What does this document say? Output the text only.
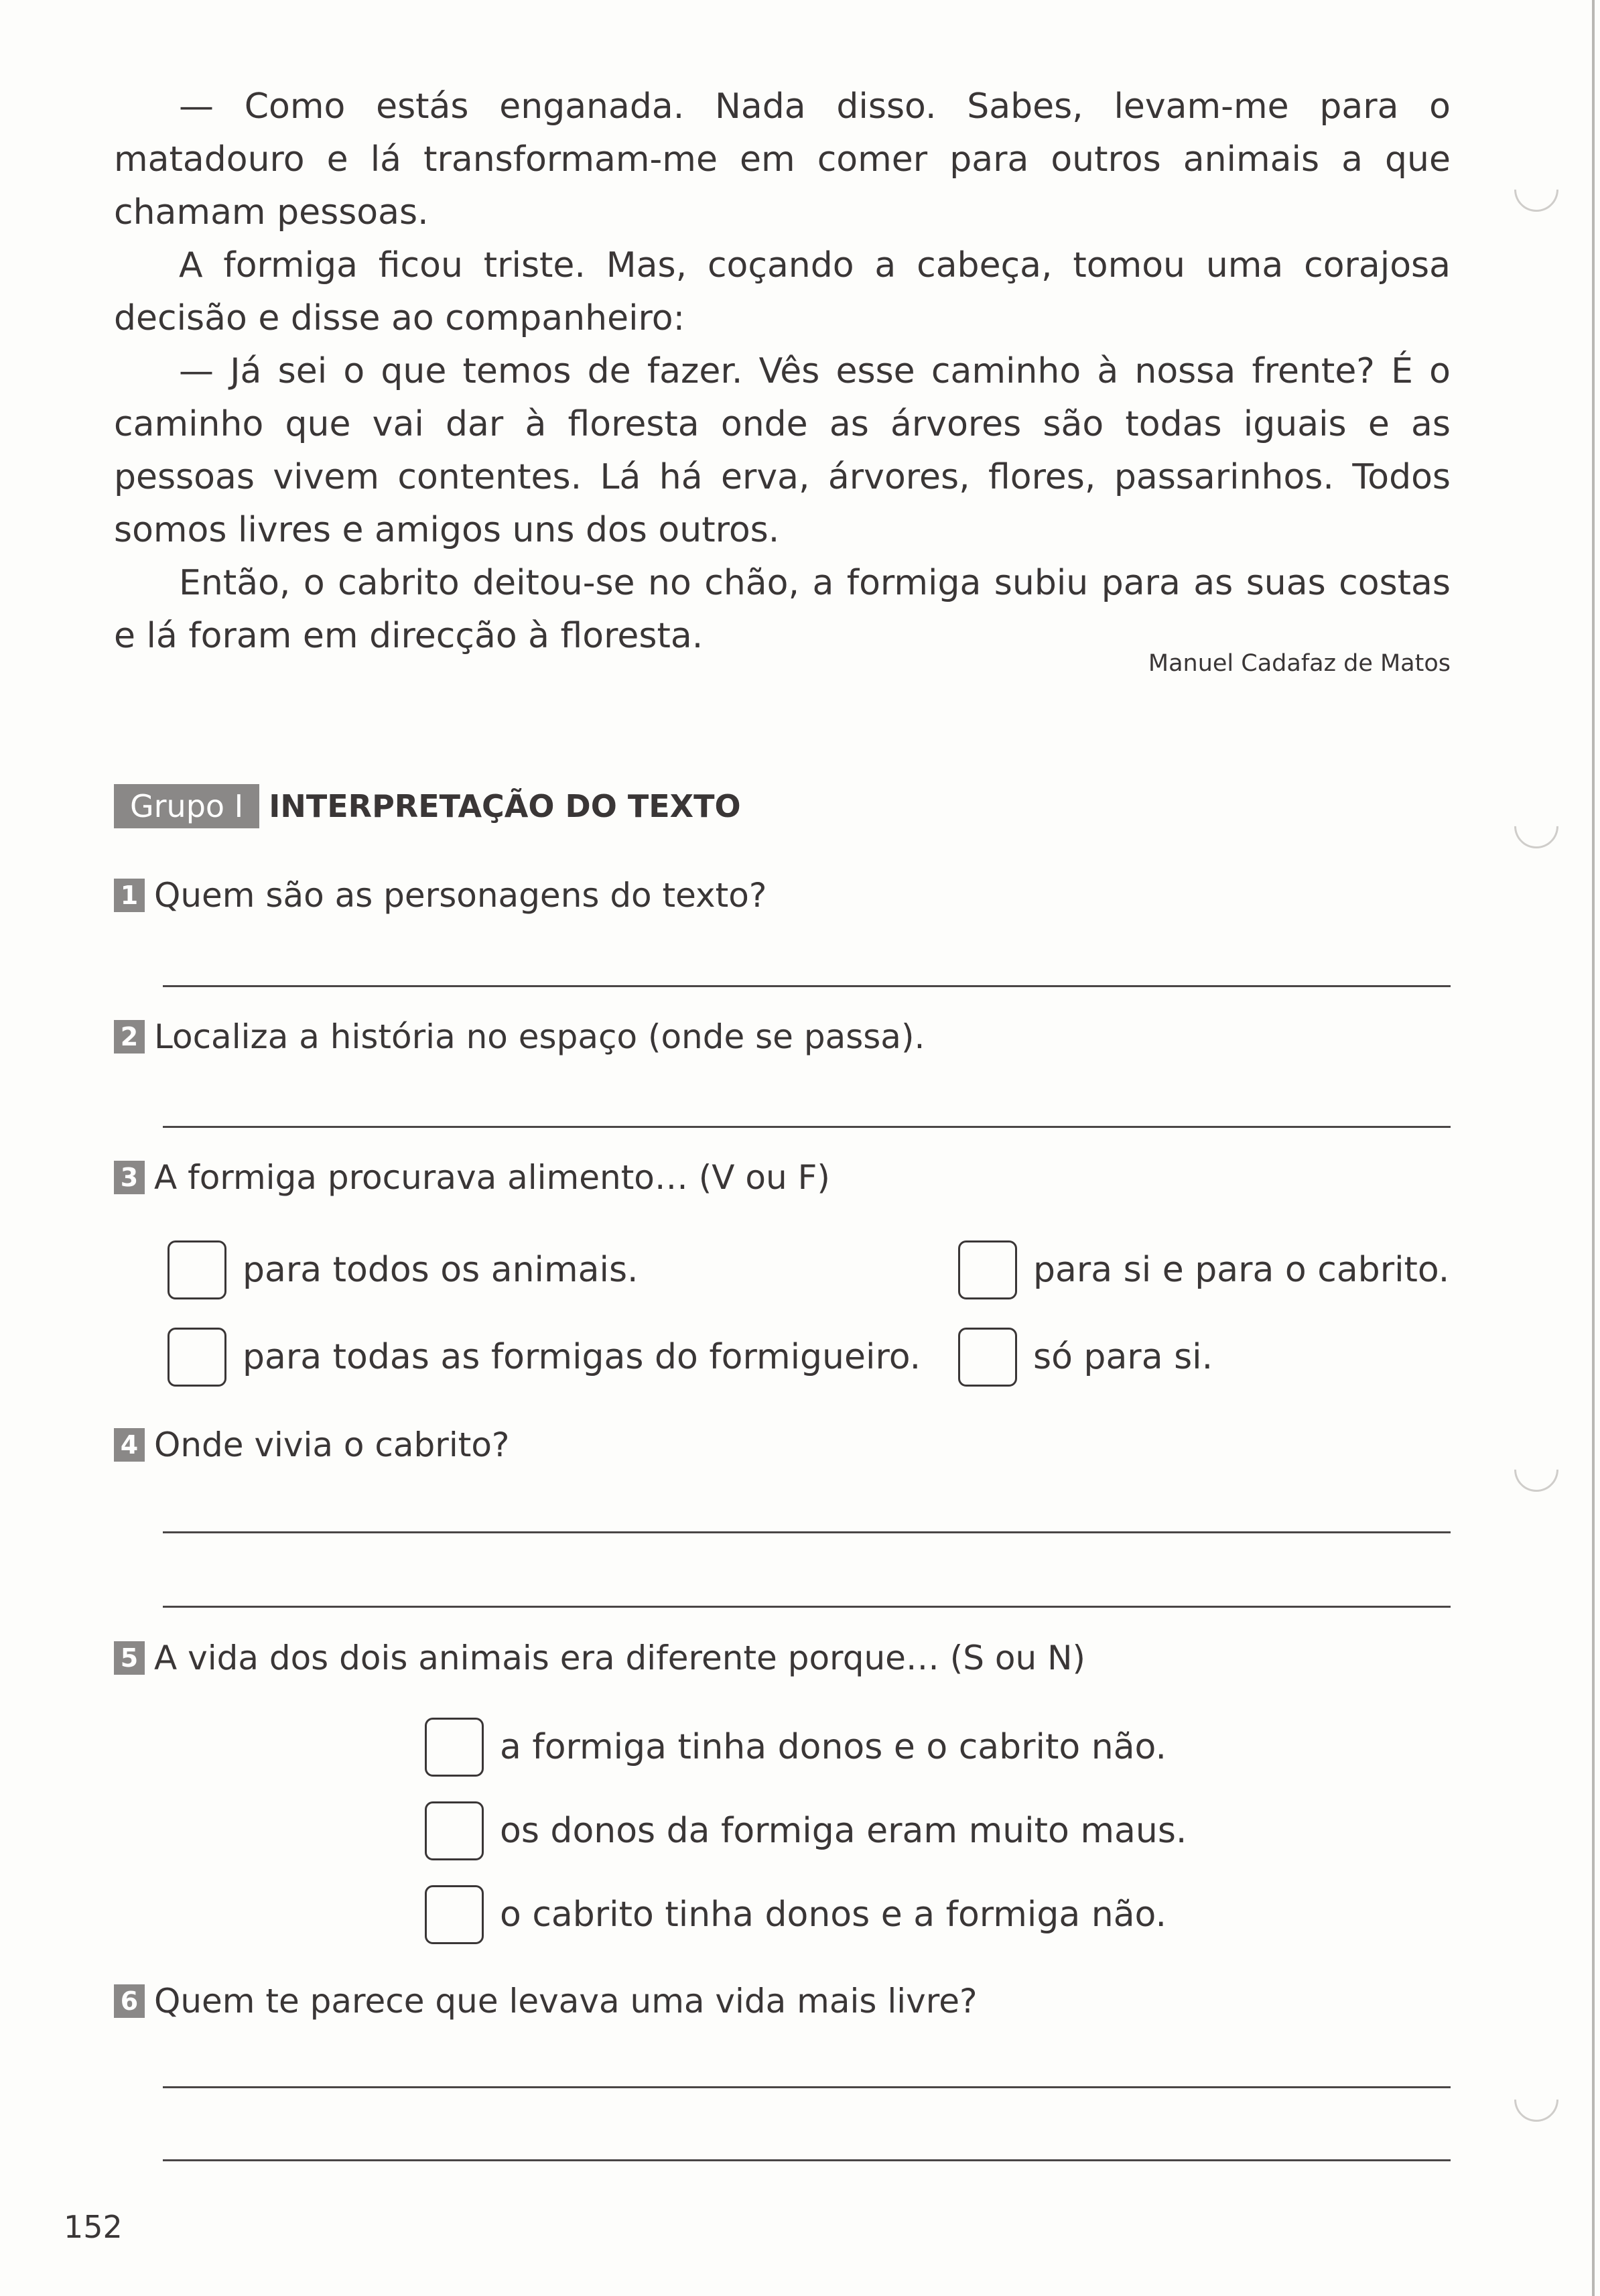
— Como estás enganada. Nada disso. Sabes, levam-me para o matadouro e lá transformam-me em comer para outros animais a que chamam pessoas.

A formiga ficou triste. Mas, coçando a cabeça, tomou uma corajosa decisão e disse ao companheiro:

— Já sei o que temos de fazer. Vês esse caminho à nossa frente? É o caminho que vai dar à floresta onde as árvores são todas iguais e as pessoas vivem contentes. Lá há erva, árvores, flores, passarinhos. Todos somos livres e amigos uns dos outros.

Então, o cabrito deitou-se no chão, a formiga subiu para as suas costas e lá foram em direcção à floresta.

Manuel Cadafaz de Matos
Grupo I INTERPRETAÇÃO DO TEXTO
1 Quem são as personagens do texto?
2 Localiza a história no espaço (onde se passa).
3 A formiga procurava alimento… (V ou F)
para todos os animais.	para si e para o cabrito.
para todas as formigas do formigueiro.	só para si.
4 Onde vivia o cabrito?
5 A vida dos dois animais era diferente porque… (S ou N)
a formiga tinha donos e o cabrito não.
os donos da formiga eram muito maus.
o cabrito tinha donos e a formiga não.
6 Quem te parece que levava uma vida mais livre?
152
